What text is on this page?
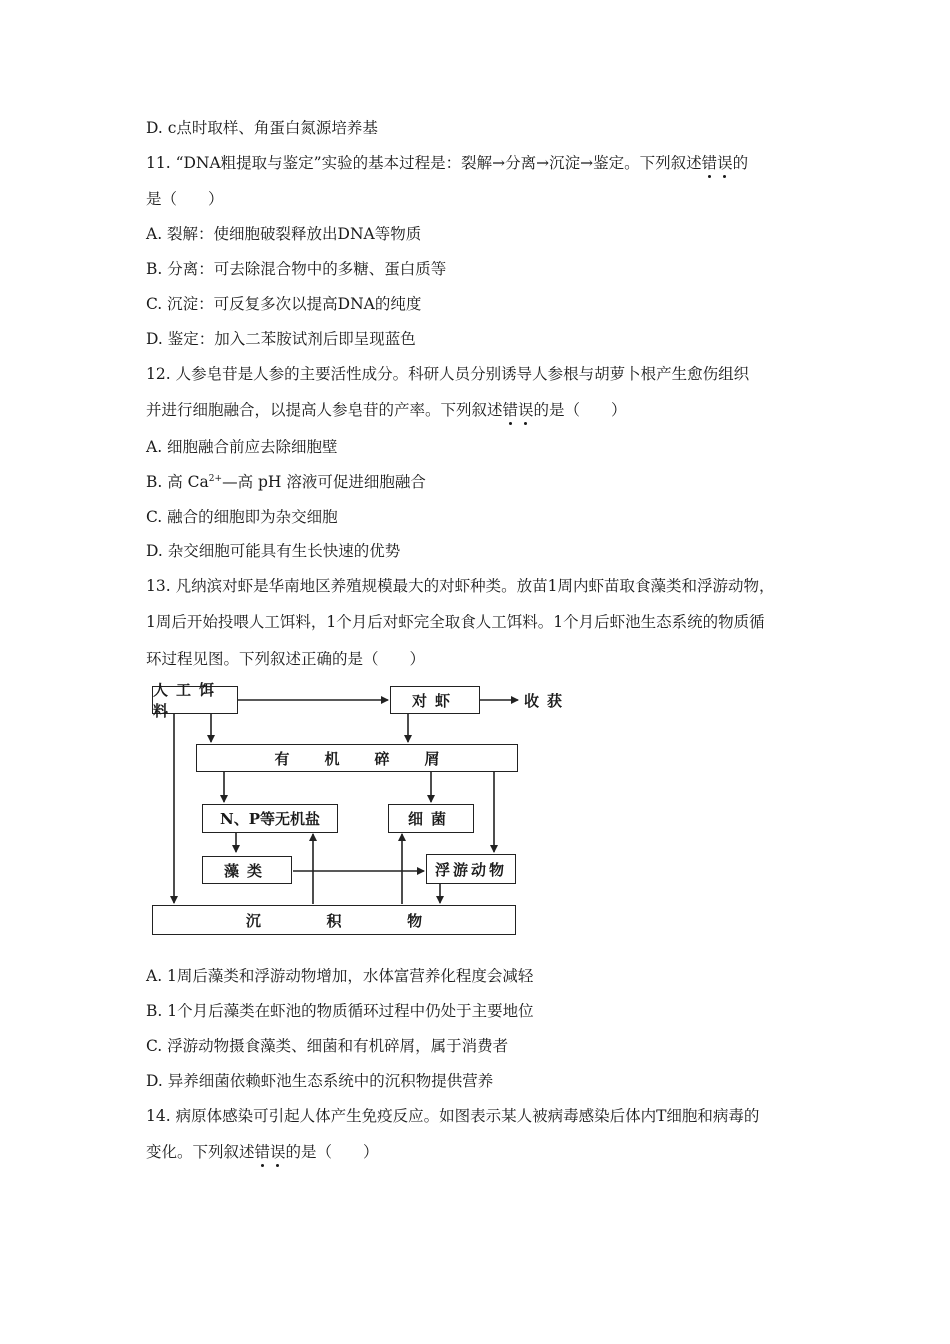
D. c点时取样、角蛋白氮源培养基
11. “DNA粗提取与鉴定”实验的基本过程是：裂解→分离→沉淀→鉴定。下列叙述错误的
是（　　）
A. 裂解：使细胞破裂释放出DNA等物质
B. 分离：可去除混合物中的多糖、蛋白质等
C. 沉淀：可反复多次以提高DNA的纯度
D. 鉴定：加入二苯胺试剂后即呈现蓝色
12. 人参皂苷是人参的主要活性成分。科研人员分别诱导人参根与胡萝卜根产生愈伤组织
并进行细胞融合，以提高人参皂苷的产率。下列叙述错误的是（　　）
A. 细胞融合前应去除细胞壁
B. 高 $Ca^{2+}—$高 pH 溶液可促进细胞融合
C. 融合的细胞即为杂交细胞
D. 杂交细胞可能具有生长快速的优势
13. 凡纳滨对虾是华南地区养殖规模最大的对虾种类。放苗1周内虾苗取食藻类和浮游动物，
1周后开始投喂人工饵料，1个月后对虾完全取食人工饵料。1个月后虾池生态系统的物质循
环过程见图。下列叙述正确的是（　　）
人工饵料
对虾	收获
有 机 碎 屑
N、P等无机盐	细菌
藻类	浮游动物
沉	积	物
A. 1周后藻类和浮游动物增加，水体富营养化程度会减轻
B. 1个月后藻类在虾池的物质循环过程中仍处于主要地位
C. 浮游动物摄食藻类、细菌和有机碎屑，属于消费者
D. 异养细菌依赖虾池生态系统中的沉积物提供营养
14. 病原体感染可引起人体产生免疫反应。如图表示某人被病毒感染后体内T细胞和病毒的
变化。下列叙述错误的是（　　）
